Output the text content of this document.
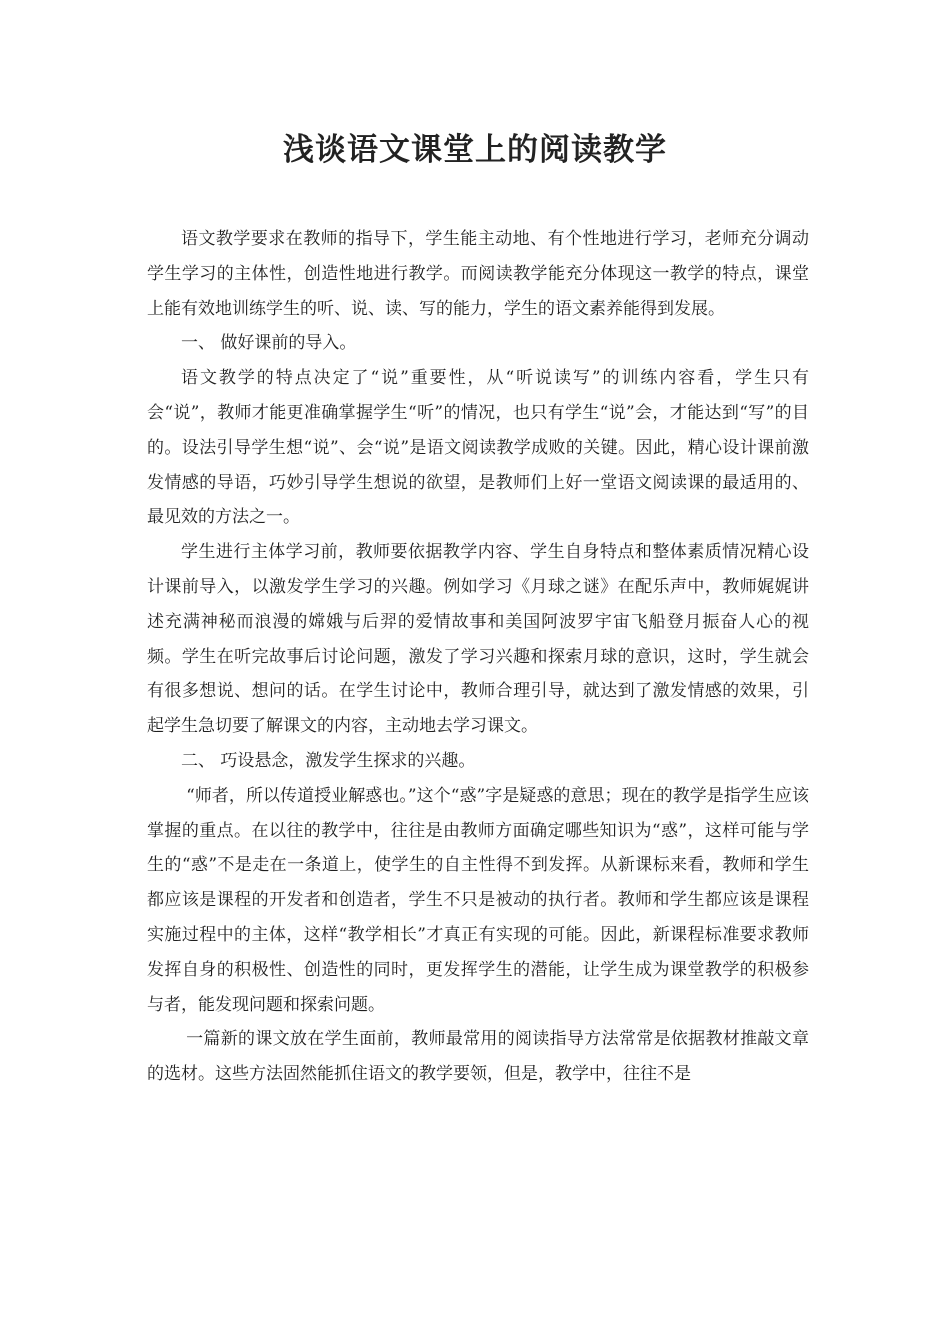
浅谈语文课堂上的阅读教学

语文教学要求在教师的指导下，学生能主动地、有个性地进行学习，老师充分调动学生学习的主体性，创造性地进行教学。而阅读教学能充分体现这一教学的特点，课堂上能有效地训练学生的听、说、读、写的能力，学生的语文素养能得到发展。

一、 做好课前的导入。

语文教学的特点决定了“说”重要性，从“听说读写”的训练内容看，学生只有会“说”，教师才能更准确掌握学生“听”的情况，也只有学生“说”会，才能达到“写”的目的。设法引导学生想“说”、会“说”是语文阅读教学成败的关键。因此，精心设计课前激发情感的导语，巧妙引导学生想说的欲望，是教师们上好一堂语文阅读课的最适用的、最见效的方法之一。

学生进行主体学习前，教师要依据教学内容、学生自身特点和整体素质情况精心设计课前导入，以激发学生学习的兴趣。例如学习《月球之谜》在配乐声中，教师娓娓讲述充满神秘而浪漫的嫦娥与后羿的爱情故事和美国阿波罗宇宙飞船登月振奋人心的视频。学生在听完故事后讨论问题，激发了学习兴趣和探索月球的意识，这时，学生就会有很多想说、想问的话。在学生讨论中，教师合理引导，就达到了激发情感的效果，引起学生急切要了解课文的内容，主动地去学习课文。

二、 巧设悬念，激发学生探求的兴趣。

“师者，所以传道授业解惑也。”这个“惑”字是疑惑的意思；现在的教学是指学生应该掌握的重点。在以往的教学中，往往是由教师方面确定哪些知识为“惑”，这样可能与学生的“惑”不是走在一条道上，使学生的自主性得不到发挥。从新课标来看，教师和学生都应该是课程的开发者和创造者，学生不只是被动的执行者。教师和学生都应该是课程实施过程中的主体，这样“教学相长”才真正有实现的可能。因此，新课程标准要求教师发挥自身的积极性、创造性的同时，更发挥学生的潜能，让学生成为课堂教学的积极参与者，能发现问题和探索问题。

一篇新的课文放在学生面前，教师最常用的阅读指导方法常常是依据教材推敲文章的选材。这些方法固然能抓住语文的教学要领，但是，教学中，往往不是
